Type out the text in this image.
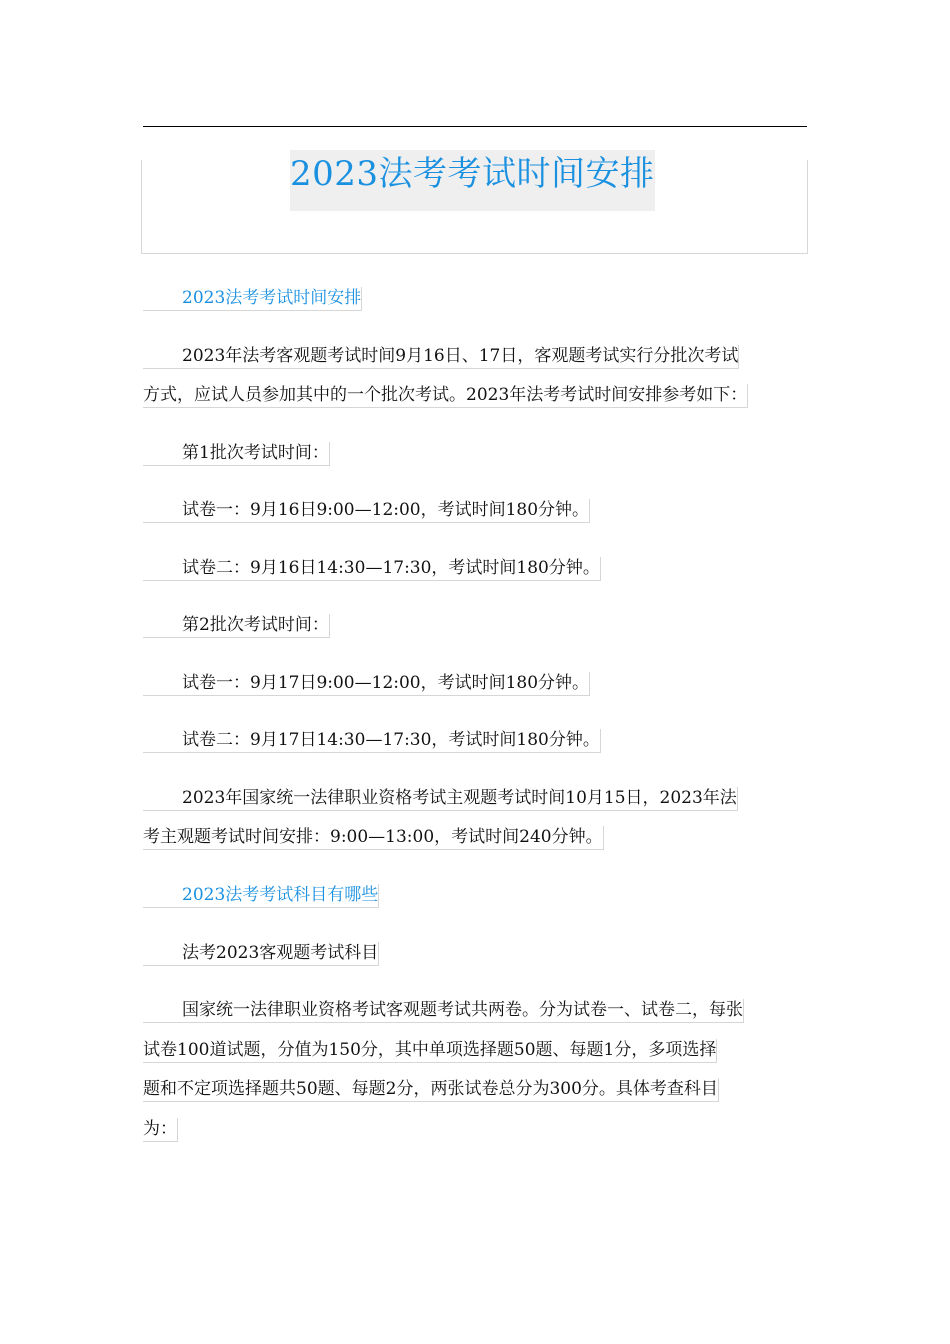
2023法考考试时间安排

2023法考考试时间安排

2023年法考客观题考试时间9月16日、17日，客观题考试实行分批次考试

方式，应试人员参加其中的一个批次考试。2023年法考考试时间安排参考如下：

第1批次考试时间：

试卷一：9月16日9:00—12:00，考试时间180分钟。

试卷二：9月16日14:30—17:30，考试时间180分钟。

第2批次考试时间：

试卷一：9月17日9:00—12:00，考试时间180分钟。

试卷二：9月17日14:30—17:30，考试时间180分钟。

2023年国家统一法律职业资格考试主观题考试时间10月15日，2023年法

考主观题考试时间安排：9:00—13:00，考试时间240分钟。

2023法考考试科目有哪些

法考2023客观题考试科目

国家统一法律职业资格考试客观题考试共两卷。分为试卷一、试卷二，每张

试卷100道试题，分值为150分，其中单项选择题50题、每题1分，多项选择

题和不定项选择题共50题、每题2分，两张试卷总分为300分。具体考查科目

为：
